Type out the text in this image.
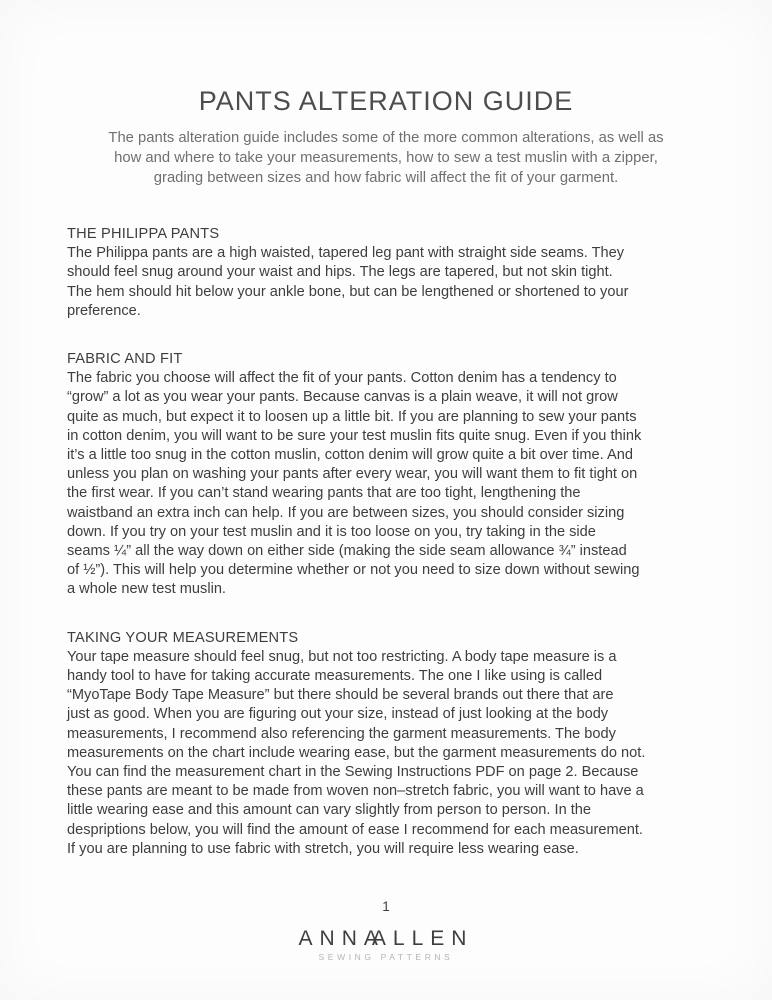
PANTS ALTERATION GUIDE
The pants alteration guide includes some of the more common alterations, as well as
how and where to take your measurements, how to sew a test muslin with a zipper,
grading between sizes and how fabric will affect the fit of your garment.
THE PHILIPPA PANTS
The Philippa pants are a high waisted, tapered leg pant with straight side seams. They
should feel snug around your waist and hips. The legs are tapered, but not skin tight.
The hem should hit below your ankle bone, but can be lengthened or shortened to your
preference.
FABRIC AND FIT
The fabric you choose will affect the fit of your pants. Cotton denim has a tendency to
“grow” a lot as you wear your pants. Because canvas is a plain weave, it will not grow
quite as much, but expect it to loosen up a little bit. If you are planning to sew your pants
in cotton denim, you will want to be sure your test muslin fits quite snug. Even if you think
it’s a little too snug in the cotton muslin, cotton denim will grow quite a bit over time. And
unless you plan on washing your pants after every wear, you will want them to fit tight on
the first wear. If you can’t stand wearing pants that are too tight, lengthening the
waistband an extra inch can help. If you are between sizes, you should consider sizing
down. If you try on your test muslin and it is too loose on you, try taking in the side
seams ¼” all the way down on either side (making the side seam allowance ¾” instead
of ½”). This will help you determine whether or not you need to size down without sewing
a whole new test muslin.
TAKING YOUR MEASUREMENTS
Your tape measure should feel snug, but not too restricting. A body tape measure is a
handy tool to have for taking accurate measurements. The one I like using is called
“MyoTape Body Tape Measure” but there should be several brands out there that are
just as good. When you are figuring out your size, instead of just looking at the body
measurements, I recommend also referencing the garment measurements. The body
measurements on the chart include wearing ease, but the garment measurements do not.
You can find the measurement chart in the Sewing Instructions PDF on page 2. Because
these pants are meant to be made from woven non–stretch fabric, you will want to have a
little wearing ease and this amount can vary slightly from person to person. In the
despriptions below, you will find the amount of ease I recommend for each measurement.
If you are planning to use fabric with stretch, you will require less wearing ease.
1
ANNAALLEN
SEWING PATTERNS
